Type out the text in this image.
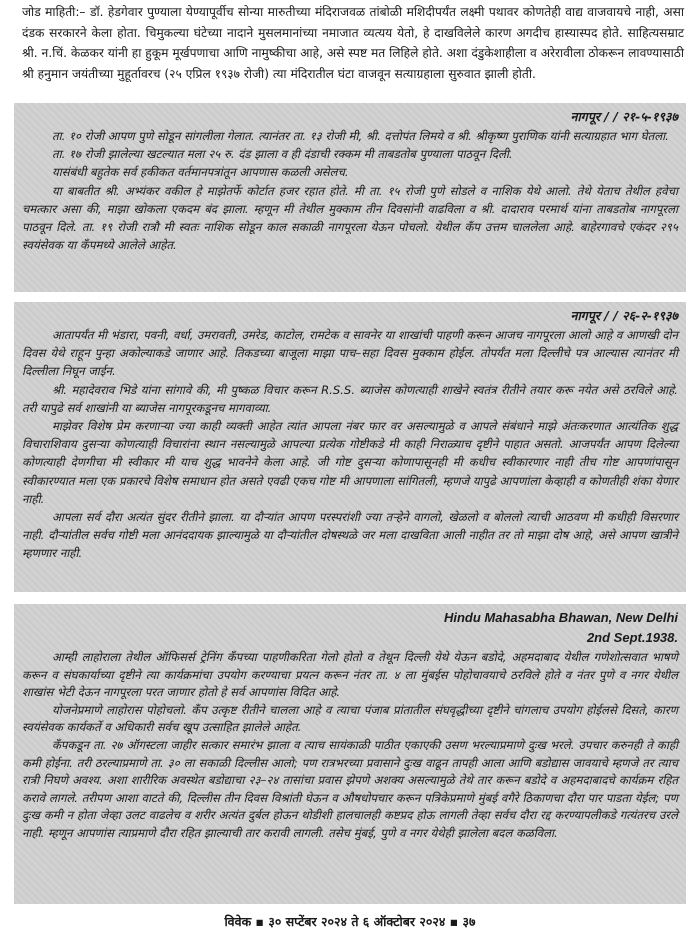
जोड माहिती:– डॉ. हेडगेवार पुण्याला येण्यापूर्वीच सोन्या मारुतीच्या मंदिराजवळ तांबोळी मशिदीपर्यंत लक्ष्मी पथावर कोणतेही वाद्य वाजवायचे नाही, असा दंडक सरकारने केला होता. चिमुकल्या घंटेच्या नादाने मुसलमानांच्या नमाजात व्यत्यय येतो, हे दाखविलेले कारण अगदीच हास्यास्पद होते. साहित्यसम्राट श्री. न.चिं. केळकर यांनी हा हुकूम मूर्खपणाचा आणि नामुष्कीचा आहे, असे स्पष्ट मत लिहिले होते. अशा दंडुकेशाहीला व अरेरावीला ठोकरून लावण्यासाठी श्री हनुमान जयंतीच्या मुहूर्तावरच (२५ एप्रिल १९३७ रोजी) त्या मंदिरातील घंटा वाजवून सत्याग्रहाला सुरुवात झाली होती.
नागपूर / / २१-५-१९३७

ता. १० रोजी आपण पुणे सोडून सांगलीला गेलात. त्यानंतर ता. १३ रोजी मी, श्री. दत्तोपंत लिमये व श्री. श्रीकृष्ण पुराणिक यांनी सत्याग्रहात भाग घेतला.

ता. १७ रोजी झालेल्या खटल्यात मला २५ रु. दंड झाला व ही दंडाची रक्कम मी ताबडतोब पुण्याला पाठवून दिली.

यासंबंधी बहुतेक सर्व हकीकत वर्तमानपत्रांतून आपणास कळली असेलच.

या बाबतीत श्री. अभ्यंकर वकील हे माझेतर्फे कोर्टात हजर रहात होते. मी ता. १५ रोजी पुणे सोडले व नाशिक येथे आलो. तेथे येताच तेथील हवेचा चमत्कार असा की, माझा खोकला एकदम बंद झाला. म्हणून मी तेथील मुक्काम तीन दिवसांनी वाढविला व श्री. दादाराव परमार्थ यांना ताबडतोब नागपूरला पाठवून दिले. ता. १९ रोजी रात्रौ मी स्वतः नाशिक सोडून काल सकाळी नागपूरला येऊन पोचलो. येथील कँप उत्तम चाललेला आहे. बाहेरगावचे एकंदर २९५ स्वयंसेवक या कँपमध्ये आलेले आहेत.

नागपूर / / २६-२-१९३७

आतापर्यंत मी भंडारा, पवनी, वर्धा, उमरावती, उमरेड, काटोल, रामटेक व सावनेर या शाखांची पाहणी करून आजच नागपूरला आलो आहे व आणखी दोन दिवस येथे राहून पुन्हा अकोल्याकडे जाणार आहे. तिकडच्या बाजूला माझा पाच–सहा दिवस मुक्काम होईल. तोपर्यंत मला दिल्लीचे पत्र आल्यास त्यानंतर मी दिल्लीला निघून जाईन.

श्री. महादेवराव भिडे यांना सांगावे की, मी पुष्कळ विचार करून R.S.S. ब्याजेस कोणत्याही शाखेने स्वतंत्र रीतीने तयार करू नयेत असे ठरविले आहे. तरी यापुढे सर्व शाखांनी या ब्याजेस नागपूरकडूनच मागवाव्या.

माझेवर विशेष प्रेम करणाऱ्या ज्या काही व्यक्ती आहेत त्यांत आपला नंबर फार वर असल्यामुळे व आपले संबंधाने माझे अंतःकरणात आत्यंतिक शुद्ध विचाराशिवाय दुसऱ्या कोणत्याही विचारांना स्थान नसल्यामुळे आपल्या प्रत्येक गोष्टीकडे मी काही निराळ्याच दृष्टीने पाहात असतो. आजपर्यंत आपण दिलेल्या कोणत्याही देणगीचा मी स्वीकार मी याच शुद्ध भावनेने केला आहे. जी गोष्ट दुसऱ्या कोणापासूनही मी कधीच स्वीकारणार नाही तीच गोष्ट आपणांपासून स्वीकारण्यात मला एक प्रकारचे विशेष समाधान होत असते एवढी एकच गोष्ट मी आपणाला सांगितली, म्हणजे यापुढे आपणांला केव्हाही व कोणतीही शंका येणार नाही.

आपला सर्व दौरा अत्यंत सुंदर रीतीने झाला. या दौऱ्यांत आपण परस्परांशी ज्या तऱ्हेने वागलो, खेळलो व बोललो त्याची आठवण मी कधीही विसरणार नाही. दौऱ्यांतील सर्वच गोष्टी मला आनंददायक झाल्यामुळे या दौऱ्यांतील दोषस्थळे जर मला दाखविता आली नाहीत तर तो माझा दोष आहे, असे आपण खात्रीने म्हणणार नाही.

Hindu Mahasabha Bhawan, New Delhi
2nd Sept.1938.

आम्ही लाहोराला तेथील ऑफिसर्स ट्रेनिंग कँपच्या पाहणीकरिता गेलो होतो व तेथून दिल्ली येथे येऊन बडोदे, अहमदाबाद येथील गणेशोत्सवात भाषणे करून व संघकार्याच्या दृष्टीने त्या कार्यक्रमांचा उपयोग करण्याचा प्रयत्न करून नंतर ता. ४ ला मुंबईस पोहोचावयाचे ठरविले होते व नंतर पुणे व नगर येथील शाखांस भेटी देऊन नागपूरला परत जाणार होतो हे सर्व आपणांस विदित आहे.

योजनेप्रमाणे लाहोरास पोहोचलो. कँप उत्कृष्ट रीतीने चालला आहे व त्याचा पंजाब प्रांतातील संघवृद्धीच्या दृष्टीने चांगलाच उपयोग होईलसे दिसते, कारण स्वयंसेवक कार्यकर्ते व अधिकारी सर्वच खूप उत्साहित झालेले आहेत.

कँपकडून ता. २७ ऑगस्टला जाहीर सत्कार समारंभ झाला व त्याच सायंकाळी पाठीत एकाएकी उसण भरल्याप्रमाणे दुःख भरले. उपचार करुनही ते काही कमी होईना. तरी ठरल्याप्रमाणे ता. ३० ला सकाळी दिल्लीस आलो; पण रात्रभरच्या प्रवासाने दुःख वाढून तापही आला आणि बडोद्यास जावयाचे म्हणजे तर त्याच रात्री निघणे अवश्य. अशा शारीरिक अवस्थेत बडोद्याचा २३–२४ तासांचा प्रवास झेपणे अशक्य असल्यामुळे तेथे तार करून बडोदे व अहमदाबादचे कार्यक्रम रहित करावे लागले. तरीपण आशा वाटते की, दिल्लीस तीन दिवस विश्रांती घेऊन व औषधोपचार करून पत्रिकेप्रमाणे मुंबई वगैरे ठिकाणचा दौरा पार पाडता येईल; पण दुःख कमी न होता जेव्हा उलट वाढलेच व शरीर अत्यंत दुर्बल होऊन थोडीशी हालचालही कष्टप्रद होऊ लागली तेव्हा सर्वच दौरा रद्द करण्यापलीकडे गत्यंतरच उरले नाही. म्हणून आपणांस त्याप्रमाणे दौरा रहित झाल्याची तार करावी लागली. तसेच मुंबई, पुणे व नगर येथेही झालेला बदल कळविला.

विवेक ▪ ३० सप्टेंबर २०२४ ते ६ ऑक्टोबर २०२४ ▪ ३७
